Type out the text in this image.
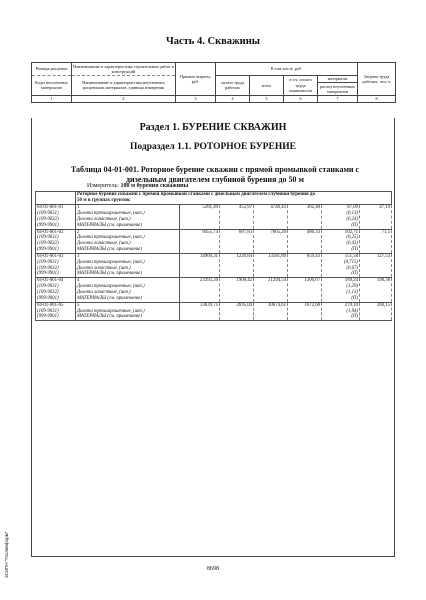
Часть 4. Скважины
Номера расценок	Наименование и характеристика строительных работ и конструкций	Прямые затраты, руб.	В том числе, руб.				Затраты труда рабочих, чел.-ч
Коды неучтенных материалов	Наименование и характеристика неучтенных расценками материалов, единица измерения		оплата труда рабочих	всего	в т.ч. оплата труда машинистов	материалы	
						расход неучтенных материалов	
1	2	3	4	5	6	7	8
Раздел 1. БУРЕНИЕ СКВАЖИН
Подраздел 1.1. РОТОРНОЕ БУРЕНИЕ
Таблица 04-01-001. Роторное бурение скважин с прямой промывкой станками с
дизельным двигателем глубиной бурения до 50 м
Измеритель: 100 м бурения скважины

	Роторное бурение скважин с прямой промывкой станками с дизельным двигателем глубиной бурения до
50 м в группах грунтов:						

04-01-001-01
(109-9031)
(109-9032)
(999-9901)	1
Долота трехшарошечные, (шт.)
Долота лопастные, (шт.)
МАТЕРИАЛЫ (см. примечание)	5281,49	453,97	4740,43	362,40	87,09
(0,13)
(0,24)
(П)	47,19

04-01-001-02
(109-9031)
(109-9032)
(999-9901)	2
Долота трехшарошечные, (шт.)
Долота лопастные, (шт.)
МАТЕРИАЛЫ (см. примечание)	8455,74	687,83	7665,20	486,33	102,71
(0,25)
(0,43)
(П)	71,5

04-01-001-03
(109-9031)
(109-9032)
(999-9901)	3
Долота трехшарошечные, (шт.)
Долота лопастные, (шт.)
МАТЕРИАЛЫ (см. примечание)	14960,31	1226,84	13581,89	859,43	151,58
(0,715)
(0,67)
(П)	127,53

04-01-001-04
(109-9031)
(109-9032)
(999-9901)	4
Долота трехшарошечные, (шт.)
Долота лопастные, (шт.)
МАТЕРИАЛЫ (см. примечание)	23392,20	1908,42	21294,54	1300,67	189,24
(1,29)
(1,13)
(П)	198,38

04-01-001-05
(109-9031)
(999-9901)	5
Долота трехшарошечные, (шт.)
МАТЕРИАЛЫ (см. примечание)	33639,75	2695,04	30674,61	1672,68	270,10
(1,94)
(П)	280,15
8698
ЗСИПН "Гослинформ"
